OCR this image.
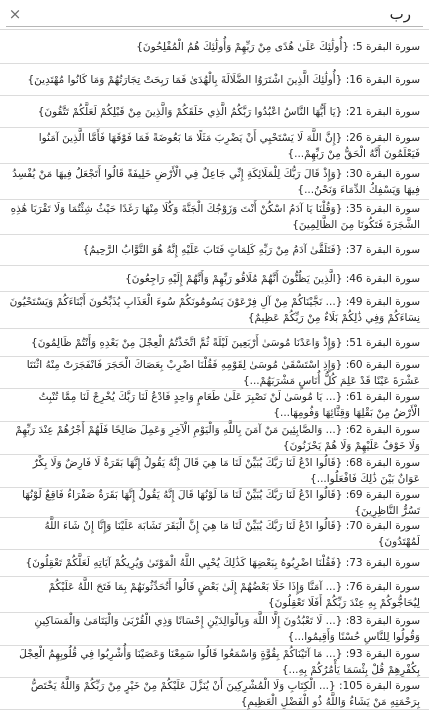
×	رب
سورة البقرة 5: {أُولَٰئِكَ عَلَىٰ هُدًى مِنْ رَبِّهِمْ وَأُولَٰئِكَ هُمُ الْمُفْلِحُونَ}
سورة البقرة 16: {أُولَٰئِكَ الَّذِينَ اشْتَرَوُا الضَّلَالَةَ بِالْهُدَىٰ فَمَا رَبِحَتْ تِجَارَتُهُمْ وَمَا كَانُوا مُهْتَدِينَ}
سورة البقرة 21: {يَا أَيُّهَا النَّاسُ اعْبُدُوا رَبَّكُمُ الَّذِي خَلَقَكُمْ وَالَّذِينَ مِنْ قَبْلِكُمْ لَعَلَّكُمْ تَتَّقُونَ}
سورة البقرة 26: {إِنَّ اللَّهَ لَا يَسْتَحْيِي أَنْ يَضْرِبَ مَثَلًا مَا بَعُوضَةً فَمَا فَوْقَهَا فَأَمَّا الَّذِينَ آمَنُوا فَيَعْلَمُونَ أَنَّهُ الْحَقُّ مِنْ رَبِّهِمْ...}
سورة البقرة 30: {وَإِذْ قَالَ رَبُّكَ لِلْمَلَائِكَةِ إِنِّي جَاعِلٌ فِي الْأَرْضِ خَلِيفَةً قَالُوا أَتَجْعَلُ فِيهَا مَنْ يُفْسِدُ فِيهَا وَيَسْفِكُ الدِّمَاءَ وَنَحْنُ...}
سورة البقرة 35: {وَقُلْنَا يَا آدَمُ اسْكُنْ أَنْتَ وَزَوْجُكَ الْجَنَّةَ وَكُلَا مِنْهَا رَغَدًا حَيْثُ شِئْتُمَا وَلَا تَقْرَبَا هَٰذِهِ الشَّجَرَةَ فَتَكُونَا مِنَ الظَّالِمِينَ}
سورة البقرة 37: {فَتَلَقَّىٰ آدَمُ مِنْ رَبِّهِ كَلِمَاتٍ فَتَابَ عَلَيْهِ إِنَّهُ هُوَ التَّوَّابُ الرَّحِيمُ}
سورة البقرة 46: {الَّذِينَ يَظُنُّونَ أَنَّهُمْ مُلَاقُو رَبِّهِمْ وَأَنَّهُمْ إِلَيْهِ رَاجِعُونَ}
سورة البقرة 49: {... نَجَّيْنَاكُمْ مِنْ آلِ فِرْعَوْنَ يَسُومُونَكُمْ سُوءَ الْعَذَابِ يُذَبِّحُونَ أَبْنَاءَكُمْ وَيَسْتَحْيُونَ نِسَاءَكُمْ وَفِي ذَٰلِكُمْ بَلَاءٌ مِنْ رَبِّكُمْ عَظِيمٌ}
سورة البقرة 51: {وَإِذْ وَاعَدْنَا مُوسَىٰ أَرْبَعِينَ لَيْلَةً ثُمَّ اتَّخَذْتُمُ الْعِجْلَ مِنْ بَعْدِهِ وَأَنْتُمْ ظَالِمُونَ}
سورة البقرة 60: {وَإِذِ اسْتَسْقَىٰ مُوسَىٰ لِقَوْمِهِ فَقُلْنَا اضْرِبْ بِعَصَاكَ الْحَجَرَ فَانْفَجَرَتْ مِنْهُ اثْنَتَا عَشْرَةَ عَيْنًا قَدْ عَلِمَ كُلُّ أُنَاسٍ مَشْرَبَهُمْ...}
سورة البقرة 61: {... يَا مُوسَىٰ لَنْ نَصْبِرَ عَلَىٰ طَعَامٍ وَاحِدٍ فَادْعُ لَنَا رَبَّكَ يُخْرِجْ لَنَا مِمَّا تُنْبِتُ الْأَرْضُ مِنْ بَقْلِهَا وَقِثَّائِهَا وَفُومِهَا...}
سورة البقرة 62: {... وَالصَّابِئِينَ مَنْ آمَنَ بِاللَّهِ وَالْيَوْمِ الْآخِرِ وَعَمِلَ صَالِحًا فَلَهُمْ أَجْرُهُمْ عِنْدَ رَبِّهِمْ وَلَا خَوْفٌ عَلَيْهِمْ وَلَا هُمْ يَحْزَنُونَ}
سورة البقرة 68: {قَالُوا ادْعُ لَنَا رَبَّكَ يُبَيِّنْ لَنَا مَا هِيَ قَالَ إِنَّهُ يَقُولُ إِنَّهَا بَقَرَةٌ لَا فَارِضٌ وَلَا بِكْرٌ عَوَانٌ بَيْنَ ذَٰلِكَ فَافْعَلُوا...}
سورة البقرة 69: {قَالُوا ادْعُ لَنَا رَبَّكَ يُبَيِّنْ لَنَا مَا لَوْنُهَا قَالَ إِنَّهُ يَقُولُ إِنَّهَا بَقَرَةٌ صَفْرَاءُ فَاقِعٌ لَوْنُهَا تَسُرُّ النَّاظِرِينَ}
سورة البقرة 70: {قَالُوا ادْعُ لَنَا رَبَّكَ يُبَيِّنْ لَنَا مَا هِيَ إِنَّ الْبَقَرَ تَشَابَهَ عَلَيْنَا وَإِنَّا إِنْ شَاءَ اللَّهُ لَمُهْتَدُونَ}
سورة البقرة 73: {فَقُلْنَا اضْرِبُوهُ بِبَعْضِهَا كَذَٰلِكَ يُحْيِي اللَّهُ الْمَوْتَىٰ وَيُرِيكُمْ آيَاتِهِ لَعَلَّكُمْ تَعْقِلُونَ}
سورة البقرة 76: {... آمَنَّا وَإِذَا خَلَا بَعْضُهُمْ إِلَىٰ بَعْضٍ قَالُوا أَتُحَدِّثُونَهُمْ بِمَا فَتَحَ اللَّهُ عَلَيْكُمْ لِيُحَاجُّوكُمْ بِهِ عِنْدَ رَبِّكُمْ أَفَلَا تَعْقِلُونَ}
سورة البقرة 83: {... لَا تَعْبُدُونَ إِلَّا اللَّهَ وَبِالْوَالِدَيْنِ إِحْسَانًا وَذِي الْقُرْبَىٰ وَالْيَتَامَىٰ وَالْمَسَاكِينِ وَقُولُوا لِلنَّاسِ حُسْنًا وَأَقِيمُوا...}
سورة البقرة 93: {... مَا آتَيْنَاكُمْ بِقُوَّةٍ وَاسْمَعُوا قَالُوا سَمِعْنَا وَعَصَيْنَا وَأُشْرِبُوا فِي قُلُوبِهِمُ الْعِجْلَ بِكُفْرِهِمْ قُلْ بِئْسَمَا يَأْمُرُكُمْ بِهِ...}
سورة البقرة 105: {... الْكِتَابِ وَلَا الْمُشْرِكِينَ أَنْ يُنَزَّلَ عَلَيْكُمْ مِنْ خَيْرٍ مِنْ رَبِّكُمْ وَاللَّهُ يَخْتَصُّ بِرَحْمَتِهِ مَنْ يَشَاءُ وَاللَّهُ ذُو الْفَضْلِ الْعَظِيمِ}
